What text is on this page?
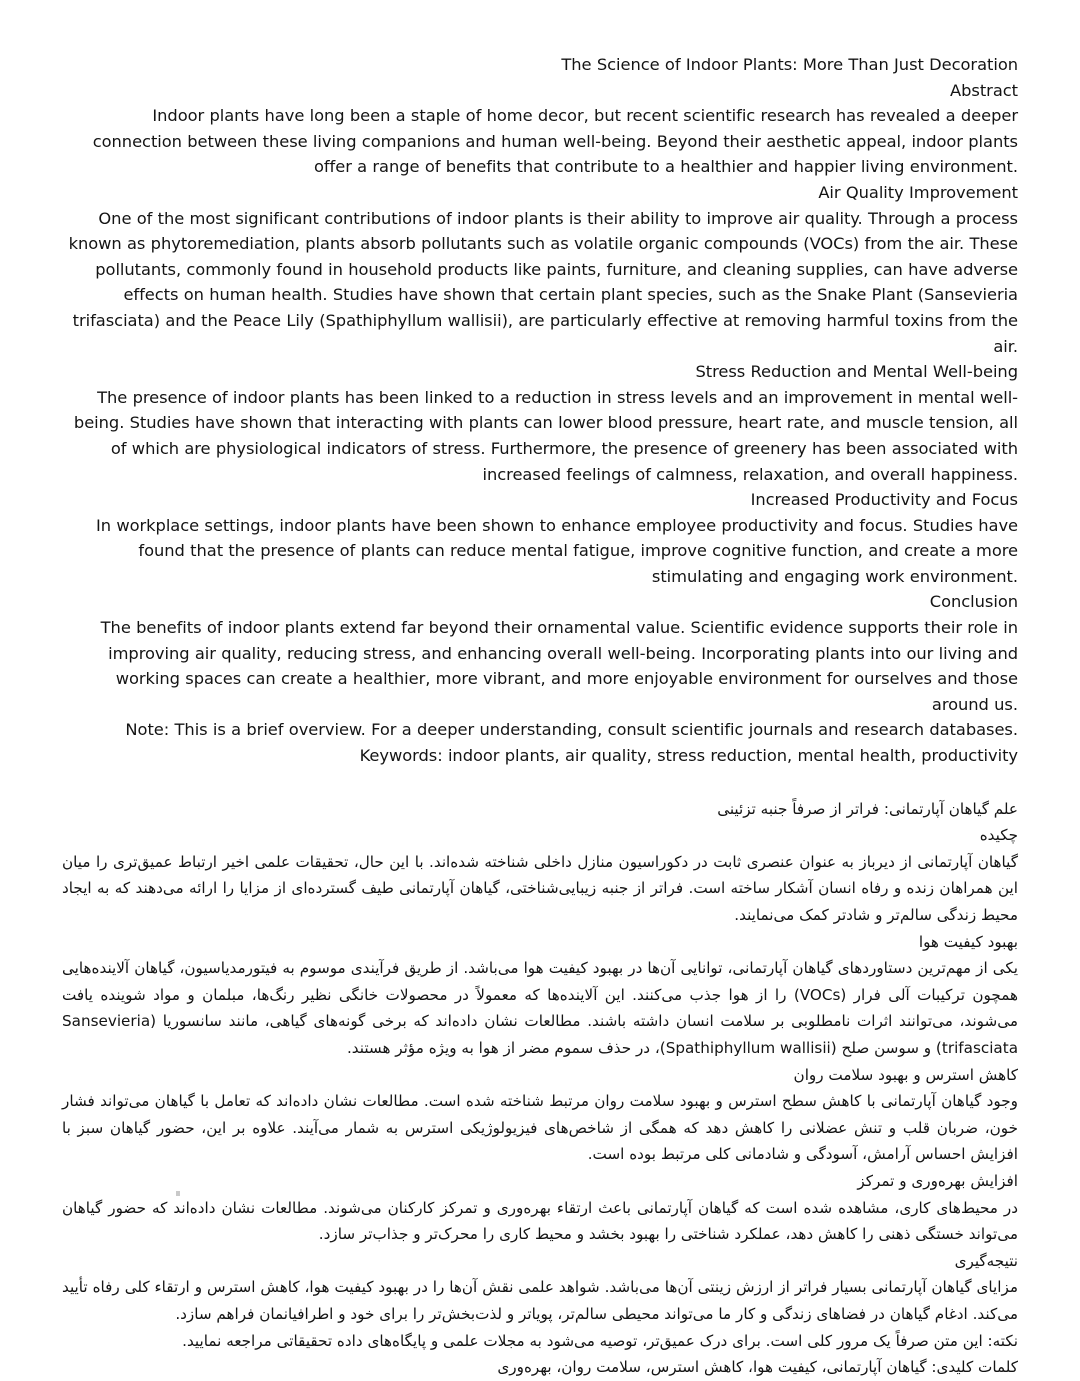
The Science of Indoor Plants: More Than Just Decoration
Abstract
Indoor plants have long been a staple of home decor, but recent scientific research has revealed a deeper connection between these living companions and human well-being. Beyond their aesthetic appeal, indoor plants offer a range of benefits that contribute to a healthier and happier living environment.
Air Quality Improvement
One of the most significant contributions of indoor plants is their ability to improve air quality. Through a process known as phytoremediation, plants absorb pollutants such as volatile organic compounds (VOCs) from the air. These pollutants, commonly found in household products like paints, furniture, and cleaning supplies, can have adverse effects on human health. Studies have shown that certain plant species, such as the Snake Plant (Sansevieria trifasciata) and the Peace Lily (Spathiphyllum wallisii), are particularly effective at removing harmful toxins from the air.
Stress Reduction and Mental Well-being
The presence of indoor plants has been linked to a reduction in stress levels and an improvement in mental well-being. Studies have shown that interacting with plants can lower blood pressure, heart rate, and muscle tension, all of which are physiological indicators of stress. Furthermore, the presence of greenery has been associated with increased feelings of calmness, relaxation, and overall happiness.
Increased Productivity and Focus
In workplace settings, indoor plants have been shown to enhance employee productivity and focus. Studies have found that the presence of plants can reduce mental fatigue, improve cognitive function, and create a more stimulating and engaging work environment.
Conclusion
The benefits of indoor plants extend far beyond their ornamental value. Scientific evidence supports their role in improving air quality, reducing stress, and enhancing overall well-being. Incorporating plants into our living and working spaces can create a healthier, more vibrant, and more enjoyable environment for ourselves and those around us.
Note: This is a brief overview. For a deeper understanding, consult scientific journals and research databases.
Keywords: indoor plants, air quality, stress reduction, mental health, productivity
علم گیاهان آپارتمانی: فراتر از صرفاً جنبه تزئینی
چکیده
گیاهان آپارتمانی از دیرباز به عنوان عنصری ثابت در دکوراسیون منازل داخلی شناخته شده‌اند. با این حال، تحقیقات علمی اخیر ارتباط عمیق‌تری را میان این همراهان زنده و رفاه انسان آشکار ساخته است. فراتر از جنبه زیبایی‌شناختی، گیاهان آپارتمانی طیف گسترده‌ای از مزایا را ارائه می‌دهند که به ایجاد محیط زندگی سالم‌تر و شادتر کمک می‌نمایند.
بهبود کیفیت هوا
یکی از مهم‌ترین دستاوردهای گیاهان آپارتمانی، توانایی آن‌ها در بهبود کیفیت هوا می‌باشد. از طریق فرآیندی موسوم به فیتورمدیاسیون، گیاهان آلاینده‌هایی همچون ترکیبات آلی فرار (VOCs) را از هوا جذب می‌کنند. این آلاینده‌ها که معمولاً در محصولات خانگی نظیر رنگ‌ها، مبلمان و مواد شوینده یافت می‌شوند، می‌توانند اثرات نامطلوبی بر سلامت انسان داشته باشند. مطالعات نشان داده‌اند که برخی گونه‌های گیاهی، مانند سانسوریا (Sansevieria trifasciata) و سوسن صلح (Spathiphyllum wallisii)، در حذف سموم مضر از هوا به ویژه مؤثر هستند.
کاهش استرس و بهبود سلامت روان
وجود گیاهان آپارتمانی با کاهش سطح استرس و بهبود سلامت روان مرتبط شناخته شده است. مطالعات نشان داده‌اند که تعامل با گیاهان می‌تواند فشار خون، ضربان قلب و تنش عضلانی را کاهش دهد که همگی از شاخص‌های فیزیولوژیکی استرس به شمار می‌آیند. علاوه بر این، حضور گیاهان سبز با افزایش احساس آرامش، آسودگی و شادمانی کلی مرتبط بوده است.
افزایش بهره‌وری و تمرکز
در محیط‌های کاری، مشاهده شده است که گیاهان آپارتمانی باعث ارتقاء بهره‌وری و تمرکز کارکنان می‌شوند. مطالعات نشان داده‌اند که حضور گیاهان می‌تواند خستگی ذهنی را کاهش دهد، عملکرد شناختی را بهبود بخشد و محیط کاری را محرک‌تر و جذاب‌تر سازد.
نتیجه‌گیری
مزایای گیاهان آپارتمانی بسیار فراتر از ارزش زینتی آن‌ها می‌باشد. شواهد علمی نقش آن‌ها را در بهبود کیفیت هوا، کاهش استرس و ارتقاء کلی رفاه تأیید می‌کند. ادغام گیاهان در فضاهای زندگی و کار ما می‌تواند محیطی سالم‌تر، پویاتر و لذت‌بخش‌تر را برای خود و اطرافیانمان فراهم سازد.
نکته: این متن صرفاً یک مرور کلی است. برای درک عمیق‌تر، توصیه می‌شود به مجلات علمی و پایگاه‌های داده تحقیقاتی مراجعه نمایید.
کلمات کلیدی: گیاهان آپارتمانی، کیفیت هوا، کاهش استرس، سلامت روان، بهره‌وری
